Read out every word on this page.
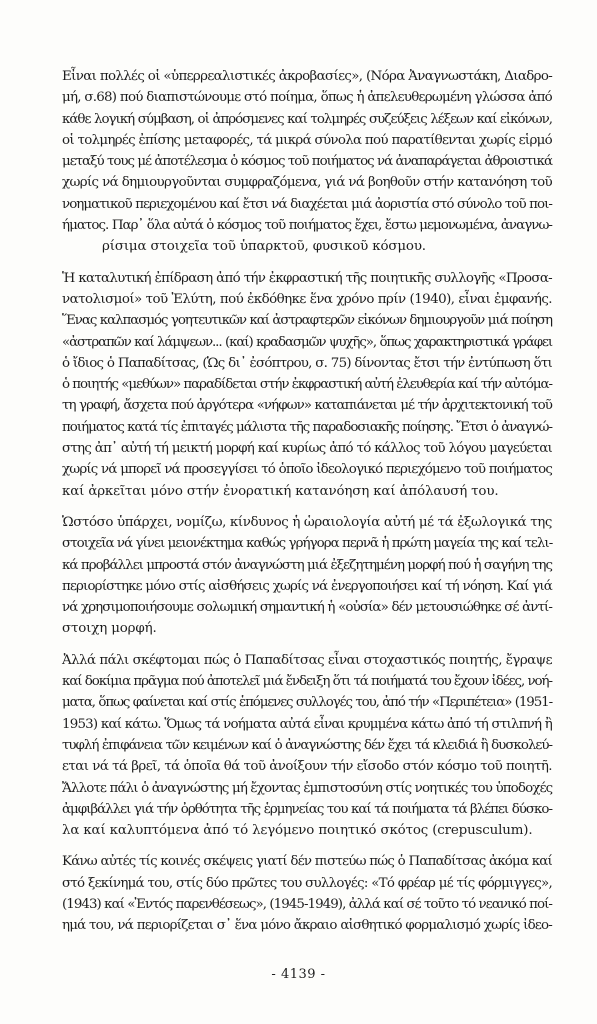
Εἶναι πολλές οἱ «ὑπερρεαλιστικές ἀκροβασίες», (Νόρα Ἀναγνωστάκη, Διαδρο-
μή, σ.68) πού διαπιστώνουμε στό ποίημα, ὅπως ἡ ἀπελευθερωμένη γλώσσα ἀπό
κάθε λογική σύμβαση, οἱ ἀπρόσμενες καί τολμηρές συζεύξεις λέξεων καί εἰκόνων,
οἱ τολμηρές ἐπίσης μεταφορές, τά μικρά σύνολα πού παρατίθενται χωρίς εἱρμό
μεταξύ τους μέ ἀποτέλεσμα ὁ κόσμος τοῦ ποιήματος νά ἀναπαράγεται ἀθροιστικά
χωρίς νά δημιουργοῦνται συμφραζόμενα, γιά νά βοηθοῦν στήν κατανόηση τοῦ
νοηματικοῦ περιεχομένου καί ἔτσι νά διαχέεται μιά ἀοριστία στό σύνολο τοῦ ποι-
ήματος. Παρ᾽ ὅλα αὐτά ὁ κόσμος τοῦ ποιήματος ἔχει, ἔστω μεμονωμένα, ἀναγνω-
ρίσιμα στοιχεῖα τοῦ ὑπαρκτοῦ, φυσικοῦ κόσμου.
Ἡ καταλυτική ἐπίδραση ἀπό τήν ἐκφραστική τῆς ποιητικῆς συλλογῆς «Προσα-
νατολισμοί» τοῦ Ἐλύτη, πού ἐκδόθηκε ἕνα χρόνο πρίν (1940), εἶναι ἐμφανής.
Ἕνας καλπασμός γοητευτικῶν καί ἀστραφτερῶν εἰκόνων δημιουργοῦν μιά ποίηση
«ἀστραπῶν καί λάμψεων... (καί) κραδασμῶν ψυχῆς», ὅπως χαρακτηριστικά γράφει
ὁ ἴδιος ὁ Παπαδίτσας, (Ὡς δι᾽ ἐσόπτρου, σ. 75) δίνοντας ἔτσι τήν ἐντύπωση ὅτι
ὁ ποιητής «μεθύων» παραδίδεται στήν ἐκφραστική αὐτή ἐλευθερία καί τήν αὐτόμα-
τη γραφή, ἄσχετα πού ἀργότερα «νήφων» καταπιάνεται μέ τήν ἀρχιτεκτονική τοῦ
ποιήματος κατά τίς ἐπιταγές μάλιστα τῆς παραδοσιακῆς ποίησης. Ἔτσι ὁ ἀναγνώ-
στης ἀπ᾽ αὐτή τή μεικτή μορφή καί κυρίως ἀπό τό κάλλος τοῦ λόγου μαγεύεται
χωρίς νά μπορεῖ νά προσεγγίσει τό ὁποῖο ἰδεολογικό περιεχόμενο τοῦ ποιήματος
καί ἀρκεῖται μόνο στήν ἐνορατική κατανόηση καί ἀπόλαυσή του.
Ὡστόσο ὑπάρχει, νομίζω, κίνδυνος ἡ ὡραιολογία αὐτή μέ τά ἐξωλογικά της
στοιχεῖα νά γίνει μειονέκτημα καθώς γρήγορα περνᾶ ἡ πρώτη μαγεία της καί τελι-
κά προβάλλει μπροστά στόν ἀναγνώστη μιά ἐξεζητημένη μορφή πού ἡ σαγήνη της
περιορίστηκε μόνο στίς αἰσθήσεις χωρίς νά ἐνεργοποιήσει καί τή νόηση. Καί γιά
νά χρησιμοποιήσουμε σολωμική σημαντική ἡ «οὐσία» δέν μετουσιώθηκε σέ ἀντί-
στοιχη μορφή.
Ἀλλά πάλι σκέφτομαι πώς ὁ Παπαδίτσας εἶναι στοχαστικός ποιητής, ἔγραψε
καί δοκίμια πρᾶγμα πού ἀποτελεῖ μιά ἔνδειξη ὅτι τά ποιήματά του ἔχουν ἰδέες, νοή-
ματα, ὅπως φαίνεται καί στίς ἑπόμενες συλλογές του, ἀπό τήν «Περιπέτεια» (1951-
1953) καί κάτω. Ὅμως τά νοήματα αὐτά εἶναι κρυμμένα κάτω ἀπό τή στιλπνή ἢ
τυφλή ἐπιφάνεια τῶν κειμένων καί ὁ ἀναγνώστης δέν ἔχει τά κλειδιά ἢ δυσκολεύ-
εται νά τά βρεῖ, τά ὁποῖα θά τοῦ ἀνοίξουν τήν εἴσοδο στόν κόσμο τοῦ ποιητῆ.
Ἄλλοτε πάλι ὁ ἀναγνώστης μή ἔχοντας ἐμπιστοσύνη στίς νοητικές του ὑποδοχές
ἀμφιβάλλει γιά τήν ὀρθότητα τῆς ἑρμηνείας του καί τά ποιήματα τά βλέπει δύσκο-
λα καί καλυπτόμενα ἀπό τό λεγόμενο ποιητικό σκότος (crepusculum).
Κάνω αὐτές τίς κοινές σκέψεις γιατί δέν πιστεύω πώς ὁ Παπαδίτσας ἀκόμα καί
στό ξεκίνημά του, στίς δύο πρῶτες του συλλογές: «Τό φρέαρ μέ τίς φόρμιγγες»,
(1943) καί «Ἐντός παρενθέσεως», (1945-1949), ἀλλά καί σέ τοῦτο τό νεανικό ποί-
ημά του, νά περιορίζεται σ᾽ ἕνα μόνο ἄκραιο αἰσθητικό φορμαλισμό χωρίς ἰδεο-
- 4139 -
